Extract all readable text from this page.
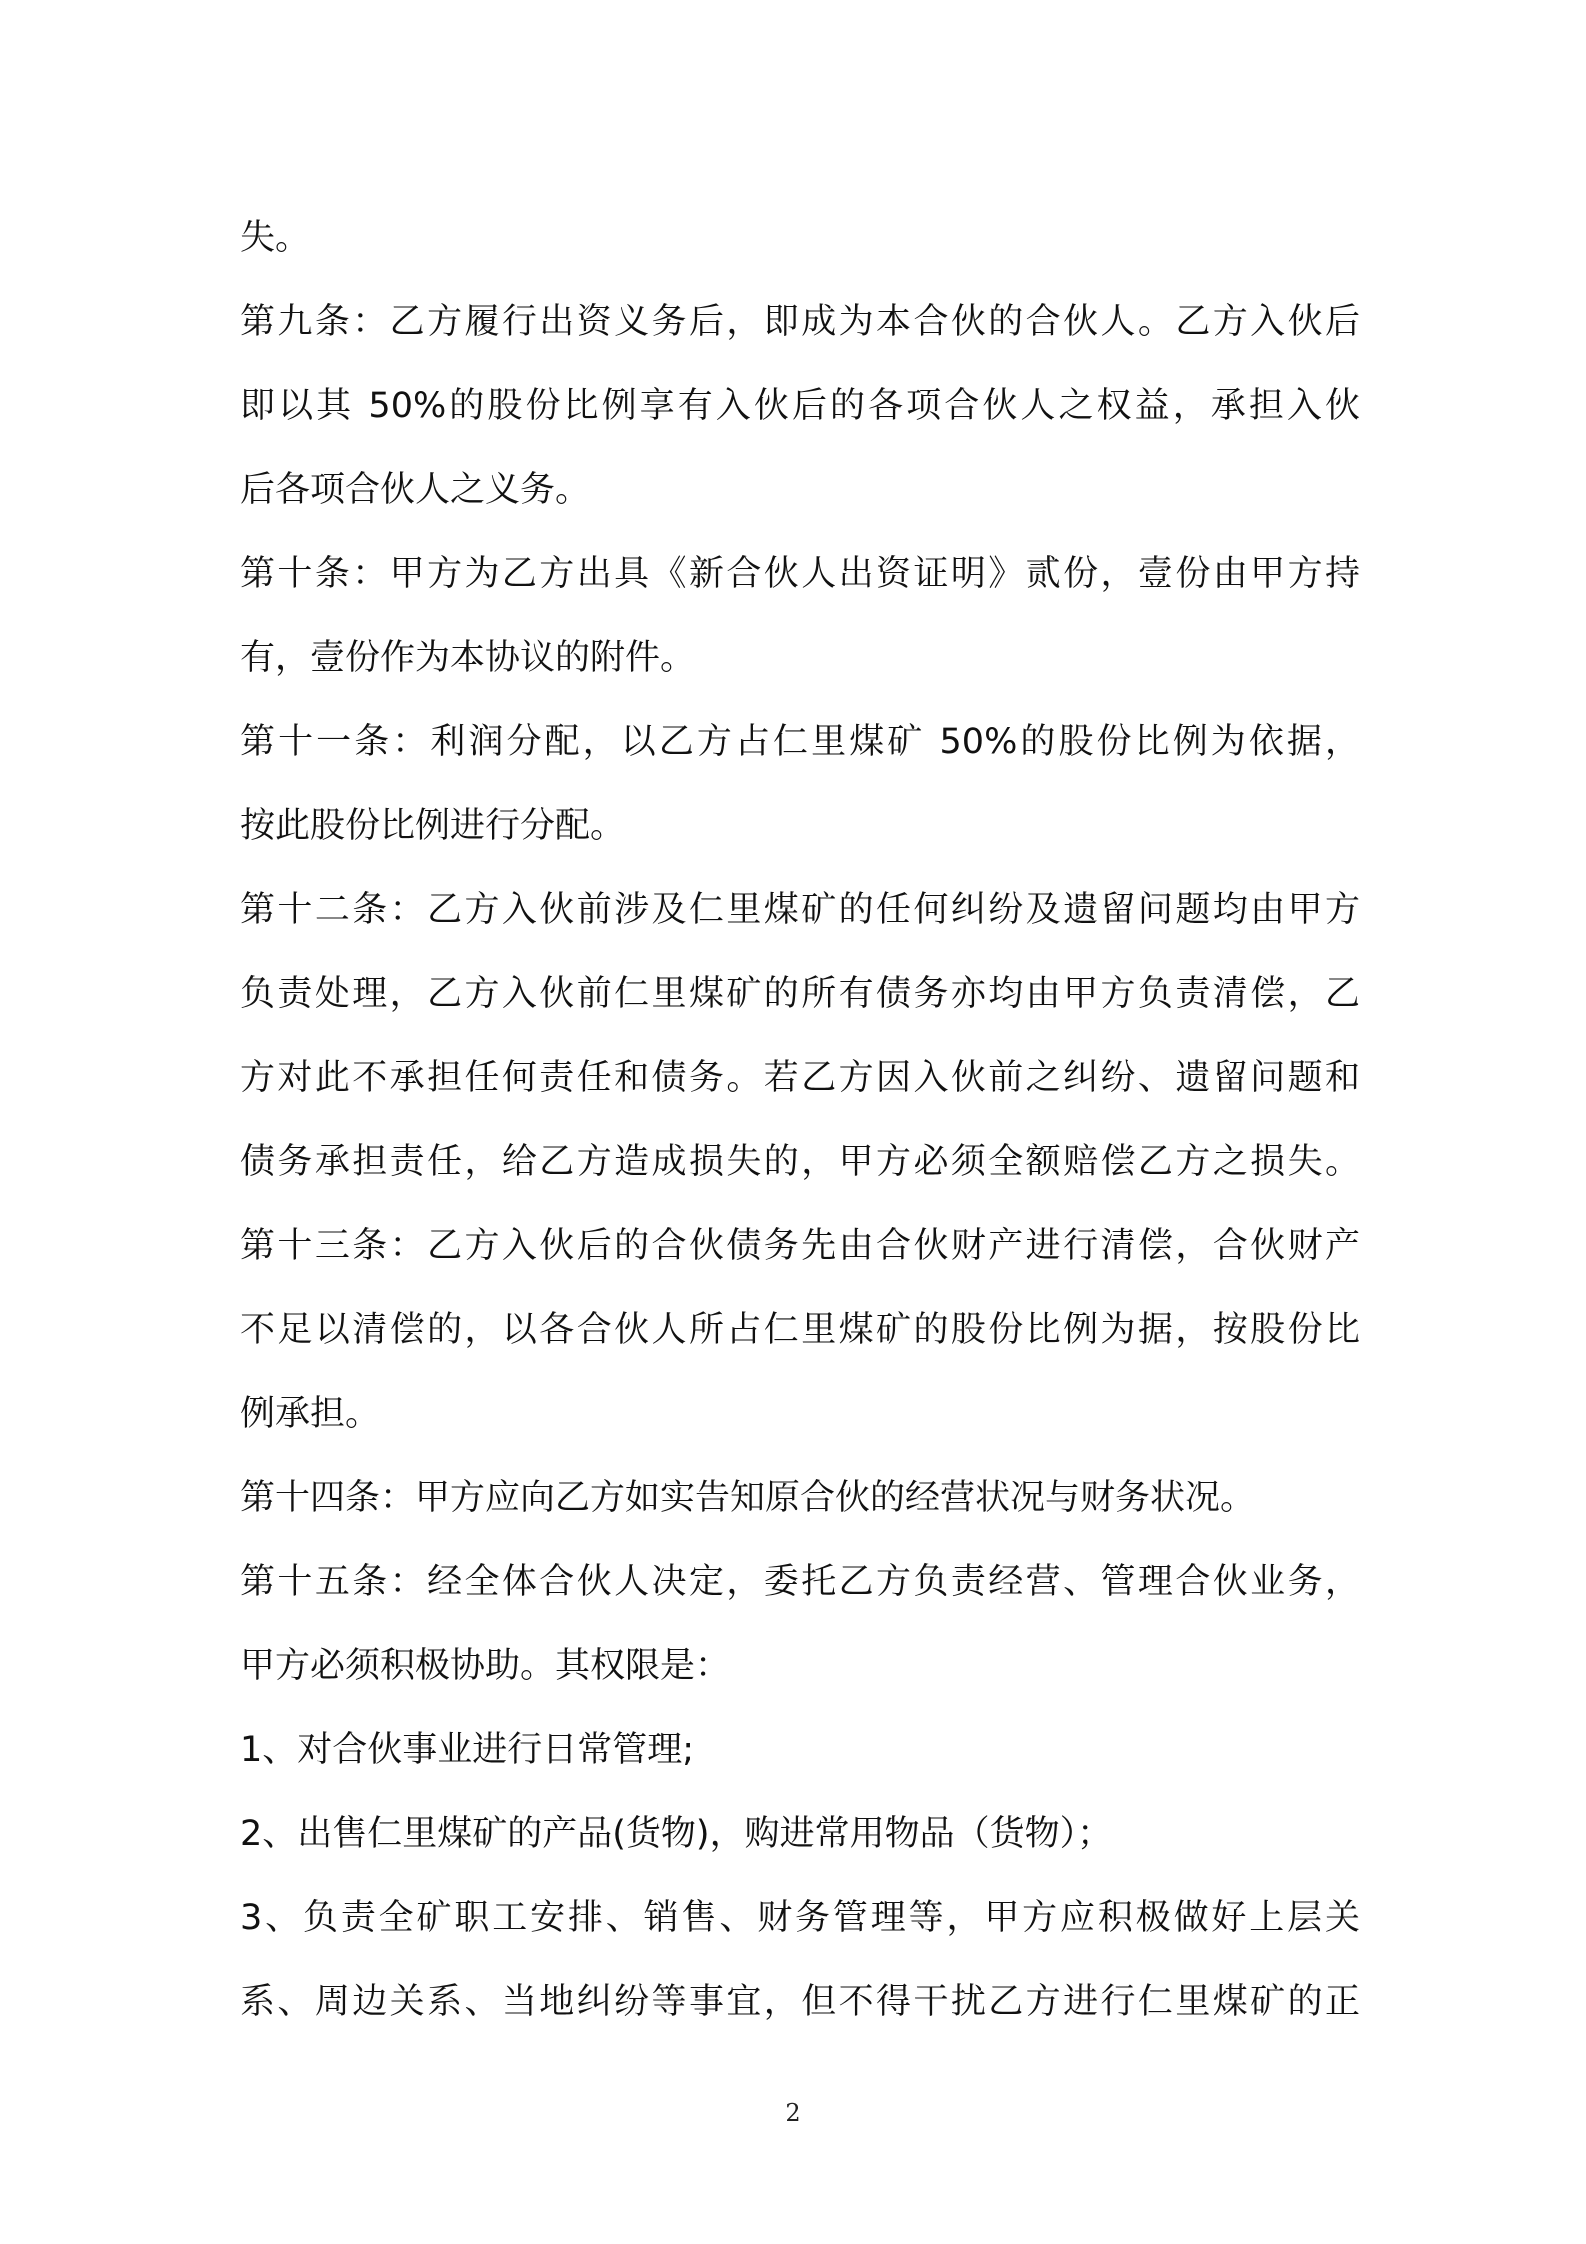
失。

第九条：乙方履行出资义务后，即成为本合伙的合伙人。乙方入伙后

即以其 50%的股份比例享有入伙后的各项合伙人之权益，承担入伙

后各项合伙人之义务。

第十条：甲方为乙方出具《新合伙人出资证明》贰份，壹份由甲方持

有，壹份作为本协议的附件。

第十一条：利润分配，以乙方占仁里煤矿 50%的股份比例为依据，

按此股份比例进行分配。

第十二条：乙方入伙前涉及仁里煤矿的任何纠纷及遗留问题均由甲方

负责处理，乙方入伙前仁里煤矿的所有债务亦均由甲方负责清偿，乙

方对此不承担任何责任和债务。若乙方因入伙前之纠纷、遗留问题和

债务承担责任，给乙方造成损失的，甲方必须全额赔偿乙方之损失。

第十三条：乙方入伙后的合伙债务先由合伙财产进行清偿，合伙财产

不足以清偿的，以各合伙人所占仁里煤矿的股份比例为据，按股份比

例承担。

第十四条：甲方应向乙方如实告知原合伙的经营状况与财务状况。

第十五条：经全体合伙人决定，委托乙方负责经营、管理合伙业务，

甲方必须积极协助。其权限是：

1、对合伙事业进行日常管理;

2、出售仁里煤矿的产品(货物)，购进常用物品（货物）；

3、负责全矿职工安排、销售、财务管理等，甲方应积极做好上层关

系、周边关系、当地纠纷等事宜，但不得干扰乙方进行仁里煤矿的正

2
